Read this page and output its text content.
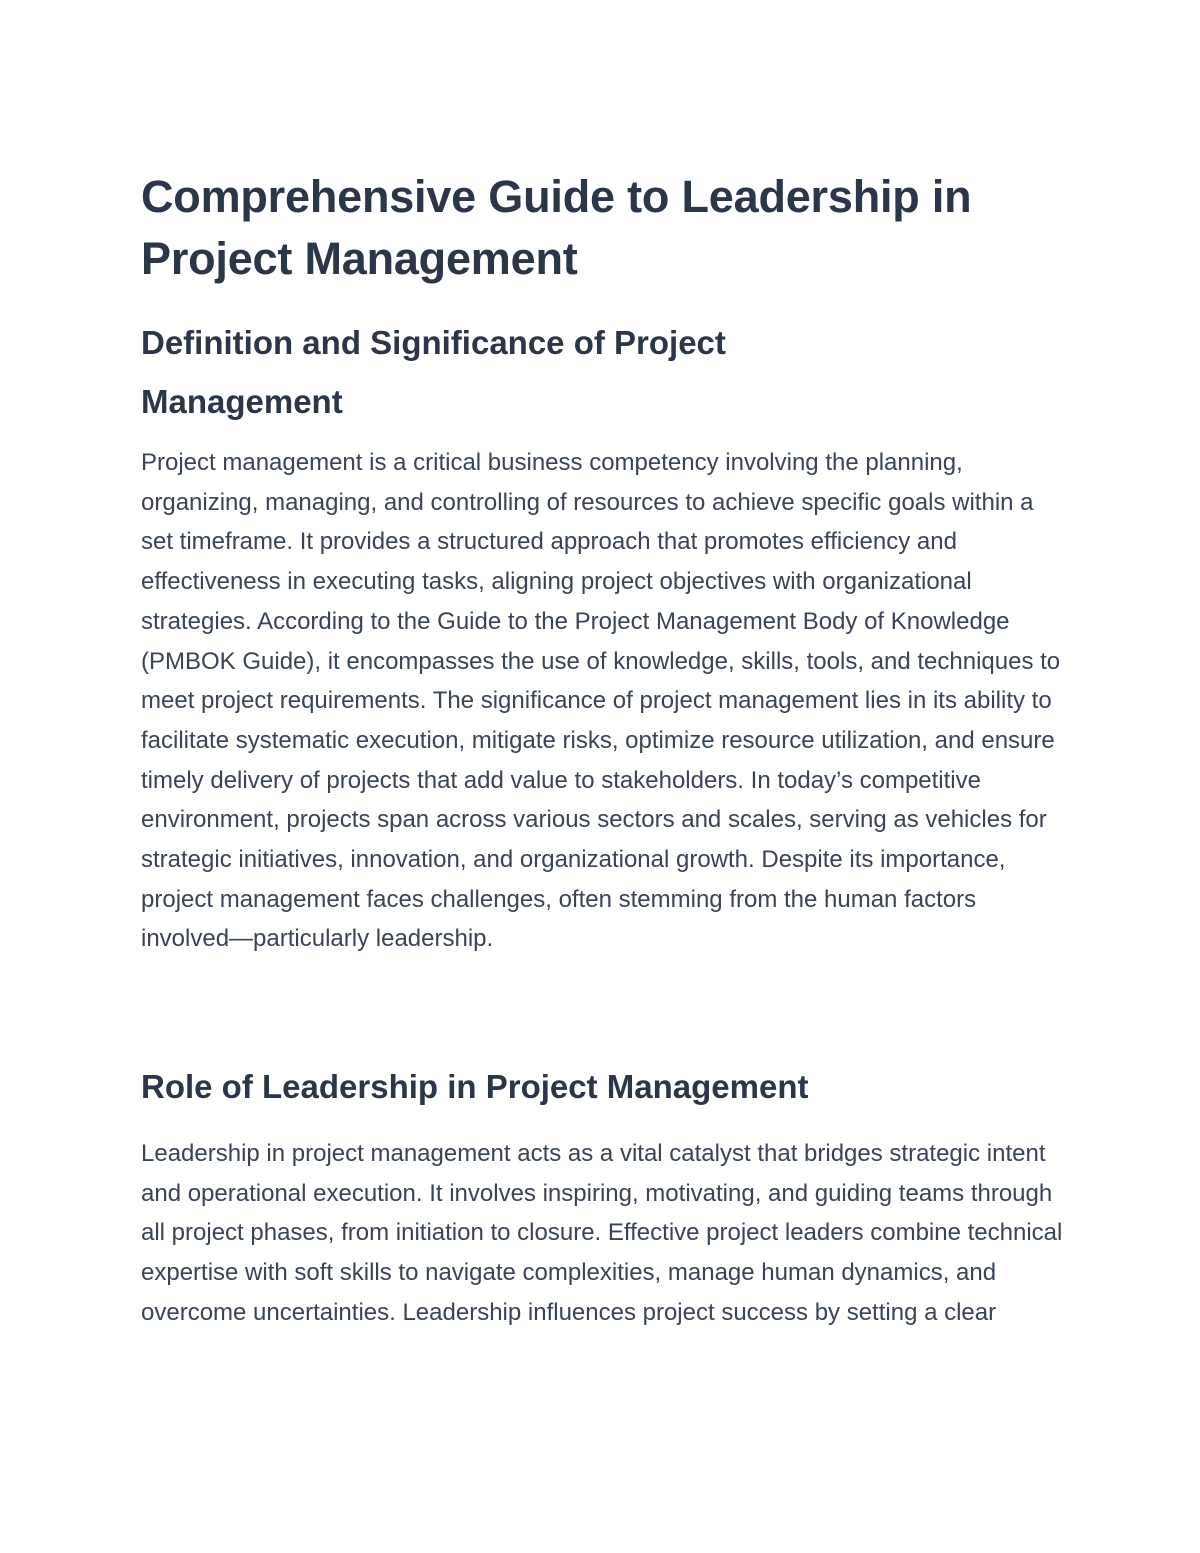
Comprehensive Guide to Leadership in Project Management
Definition and Significance of Project Management

Project management is a critical business competency involving the planning, organizing, managing, and controlling of resources to achieve specific goals within a set timeframe. It provides a structured approach that promotes efficiency and effectiveness in executing tasks, aligning project objectives with organizational strategies. According to the Guide to the Project Management Body of Knowledge (PMBOK Guide), it encompasses the use of knowledge, skills, tools, and techniques to meet project requirements. The significance of project management lies in its ability to facilitate systematic execution, mitigate risks, optimize resource utilization, and ensure timely delivery of projects that add value to stakeholders. In today’s competitive environment, projects span across various sectors and scales, serving as vehicles for strategic initiatives, innovation, and organizational growth. Despite its importance, project management faces challenges, often stemming from the human factors involved—particularly leadership.

Role of Leadership in Project Management

Leadership in project management acts as a vital catalyst that bridges strategic intent and operational execution. It involves inspiring, motivating, and guiding teams through all project phases, from initiation to closure. Effective project leaders combine technical expertise with soft skills to navigate complexities, manage human dynamics, and overcome uncertainties. Leadership influences project success by setting a clear
